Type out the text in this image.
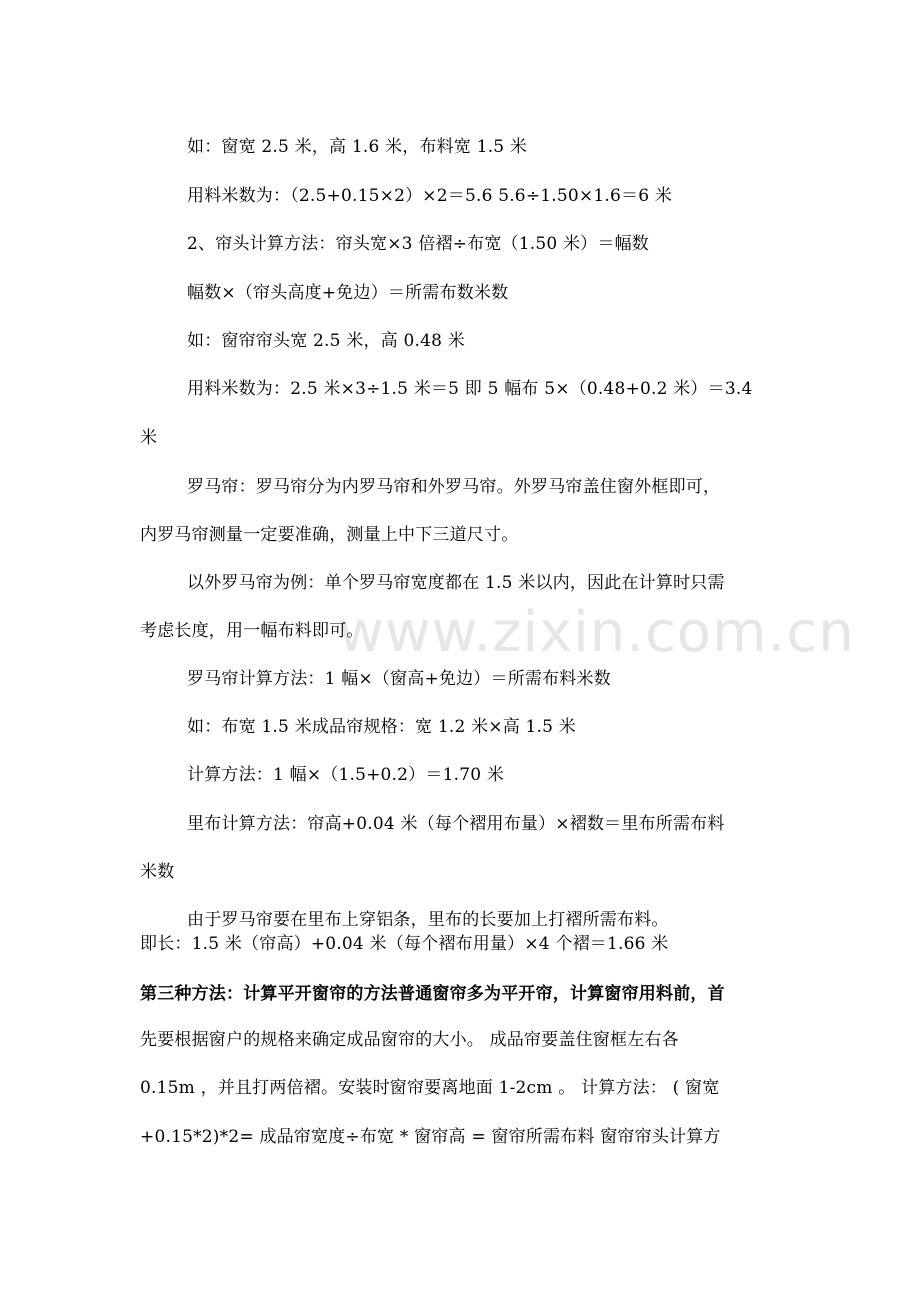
www.zixin.com.cn
如：窗宽 2.5 米，高 1.6 米，布料宽 1.5 米
用料米数为：（2.5+0.15×2）×2＝5.6 5.6÷1.50×1.6＝6 米
2、帘头计算方法：帘头宽×3 倍褶÷布宽（1.50 米）＝幅数
幅数×（帘头高度+免边）＝所需布数米数
如：窗帘帘头宽 2.5 米，高 0.48 米
用料米数为：2.5 米×3÷1.5 米＝5 即 5 幅布 5×（0.48+0.2 米）＝3.4
米
罗马帘：罗马帘分为内罗马帘和外罗马帘。外罗马帘盖住窗外框即可，
内罗马帘测量一定要准确，测量上中下三道尺寸。
以外罗马帘为例：单个罗马帘宽度都在 1.5 米以内，因此在计算时只需
考虑长度，用一幅布料即可。
罗马帘计算方法：1 幅×（窗高+免边）＝所需布料米数
如：布宽 1.5 米成品帘规格：宽 1.2 米×高 1.5 米
计算方法：1 幅×（1.5+0.2）＝1.70 米
里布计算方法：帘高+0.04 米（每个褶用布量）×褶数＝里布所需布料
米数
由于罗马帘要在里布上穿铝条，里布的长要加上打褶所需布料。
即长：1.5 米（帘高）+0.04 米（每个褶布用量）×4 个褶＝1.66 米
第三种方法：计算平开窗帘的方法普通窗帘多为平开帘，计算窗帘用料前，首
先要根据窗户的规格来确定成品窗帘的大小。 成品帘要盖住窗框左右各
0.15m ，并且打两倍褶。安装时窗帘要离地面 1-2cm 。 计算方法： ( 窗宽
+0.15*2)*2= 成品帘宽度÷布宽 * 窗帘高 = 窗帘所需布料 窗帘帘头计算方
